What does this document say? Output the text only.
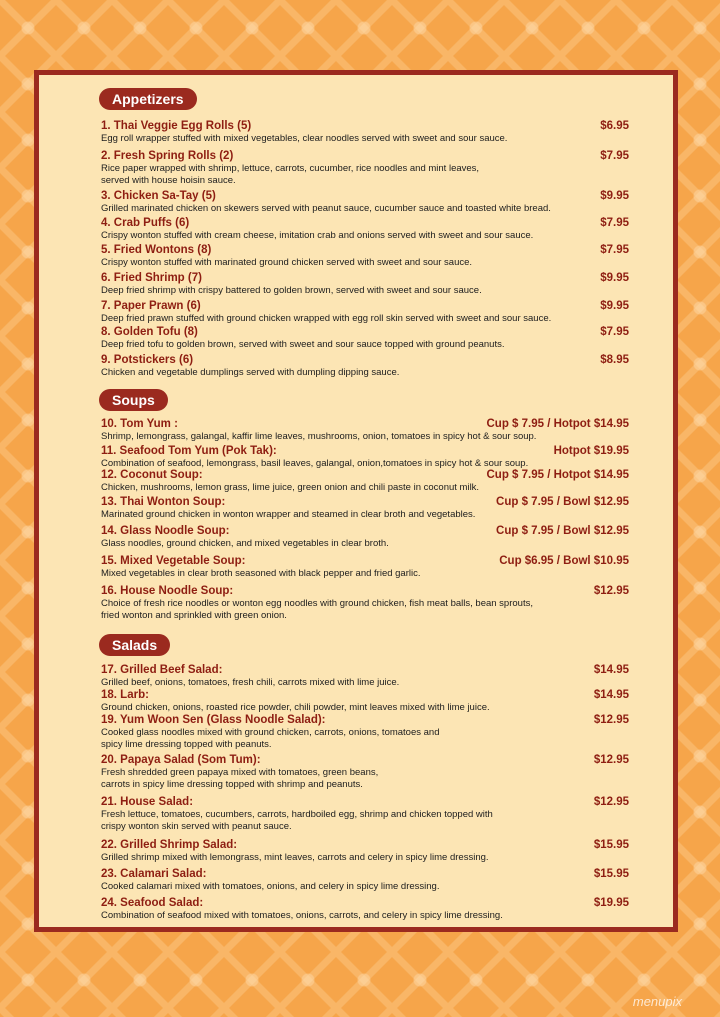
Appetizers
1. Thai Veggie Egg Rolls (5)	$6.95
Egg roll wrapper stuffed with mixed vegetables, clear noodles served with sweet and sour sauce.
2. Fresh Spring Rolls (2)	$7.95
Rice paper wrapped with shrimp, lettuce, carrots, cucumber, rice noodles and mint leaves,
served with house hoisin sauce.
3. Chicken Sa-Tay (5)	$9.95
Grilled marinated chicken on skewers served with peanut sauce, cucumber sauce and toasted white bread.
4. Crab Puffs (6)	$7.95
Crispy wonton stuffed with cream cheese, imitation crab and onions served with sweet and sour sauce.
5. Fried Wontons (8)	$7.95
Crispy wonton stuffed with marinated ground chicken served with sweet and sour sauce.
6. Fried Shrimp (7)	$9.95
Deep fried shrimp with crispy battered to golden brown, served with sweet and sour sauce.
7. Paper Prawn (6)	$9.95
Deep fried prawn stuffed with ground chicken wrapped with egg roll skin served with sweet and sour sauce.
8. Golden Tofu (8)	$7.95
Deep fried tofu to golden brown, served with sweet and sour sauce topped with ground peanuts.
9. Potstickers (6)	$8.95
Chicken and vegetable dumplings served with dumpling dipping sauce.
Soups
10. Tom Yum :	Cup $ 7.95 / Hotpot $14.95
Shrimp, lemongrass, galangal, kaffir lime leaves, mushrooms, onion, tomatoes in spicy hot & sour soup.
11. Seafood Tom Yum (Pok Tak):	Hotpot $19.95
Combination of seafood, lemongrass, basil leaves, galangal, onion,tomatoes in spicy hot & sour soup.
12. Coconut Soup:	Cup $ 7.95 / Hotpot $14.95
Chicken, mushrooms, lemon grass, lime juice, green onion and chili paste in coconut milk.
13. Thai Wonton Soup:	Cup $ 7.95 / Bowl $12.95
Marinated ground chicken in wonton wrapper and steamed in clear broth and vegetables.
14. Glass Noodle Soup:	Cup $ 7.95 / Bowl $12.95
Glass noodles, ground chicken, and mixed vegetables in clear broth.
15. Mixed Vegetable Soup:	Cup $6.95 / Bowl $10.95
Mixed vegetables in clear broth seasoned with black pepper and fried garlic.
16. House Noodle Soup:	$12.95
Choice of fresh rice noodles or wonton egg noodles with ground chicken, fish meat balls, bean sprouts,
fried wonton and sprinkled with green onion.
Salads
17. Grilled Beef Salad:	$14.95
Grilled beef, onions, tomatoes, fresh chili, carrots mixed with lime juice.
18. Larb:	$14.95
Ground chicken, onions, roasted rice powder, chili powder, mint leaves mixed with lime juice.
19. Yum Woon Sen (Glass Noodle Salad):	$12.95
Cooked glass noodles mixed with ground chicken, carrots, onions, tomatoes and
spicy lime dressing topped with peanuts.
20. Papaya Salad (Som Tum):	$12.95
Fresh shredded green papaya mixed with tomatoes, green beans,
carrots in spicy lime dressing topped with shrimp and peanuts.
21. House Salad:	$12.95
Fresh lettuce, tomatoes, cucumbers, carrots, hardboiled egg, shrimp and chicken topped with
crispy wonton skin served with peanut sauce.
22. Grilled Shrimp Salad:	$15.95
Grilled shrimp mixed with lemongrass, mint leaves, carrots and celery in spicy lime dressing.
23. Calamari Salad:	$15.95
Cooked calamari mixed with tomatoes, onions, and celery in spicy lime dressing.
24. Seafood Salad:	$19.95
Combination of seafood mixed with tomatoes, onions, carrots, and celery in spicy lime dressing.
menupix
